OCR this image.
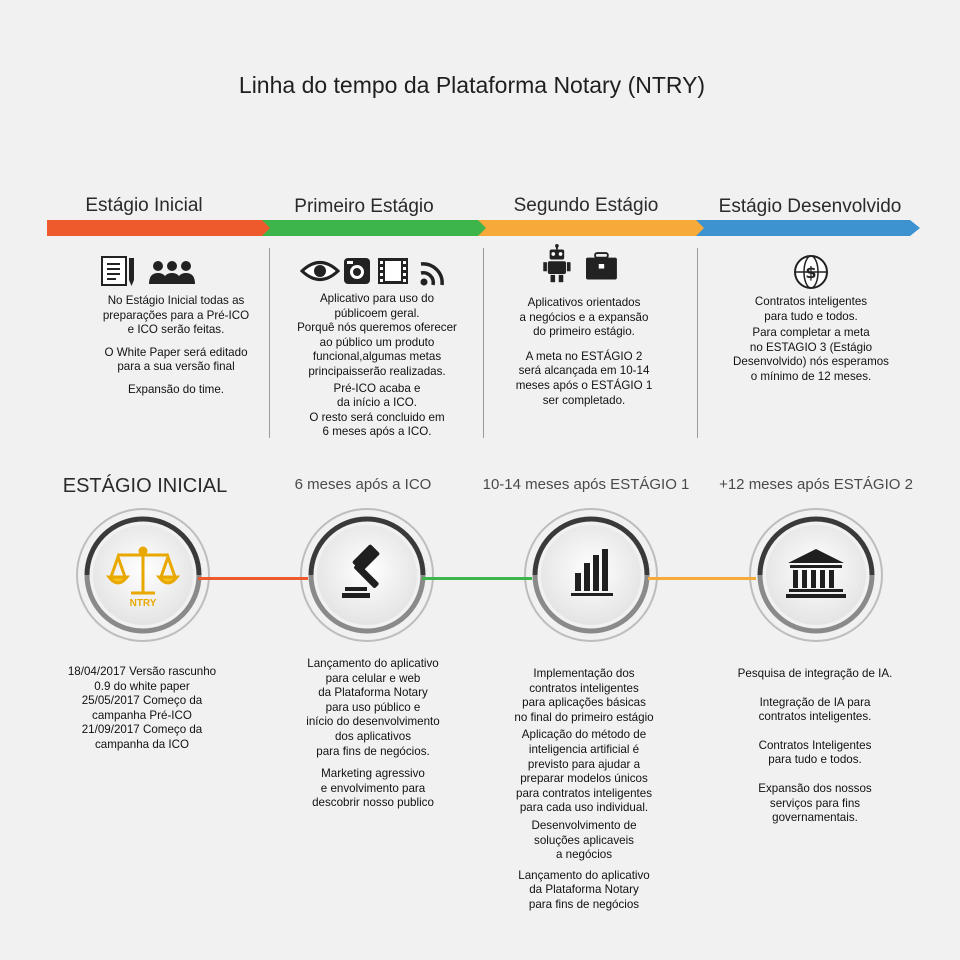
Linha do tempo da Plataforma Notary (NTRY)
Estágio Inicial	Primeiro Estágio	Segundo Estágio	Estágio Desenvolvido
$

No Estágio Inicial todas as
preparações para a Pré-ICO
e ICO serão feitas.

O White Paper será editado
para a sua versão final

Expansão do time.

Aplicativo para uso do
públicoem geral.
Porquê nós queremos oferecer
ao público um produto
funcional,algumas metas
principaisserão realizadas.

Pré-ICO acaba e
da início a ICO.
O resto será concluido em
6 meses após a ICO.

Aplicativos orientados
a negócios e a expansão
do primeiro estágio.

A meta no ESTÁGIO 2
será alcançada em 10-14
meses após o ESTÁGIO 1
ser completado.

Contratos inteligentes
para tudo e todos.

Para completar a meta
no ESTAGIO 3 (Estágio
Desenvolvido) nós esperamos
o mínimo de 12 meses.

ESTÁGIO INICIAL	6 meses após a ICO	10-14 meses após ESTÁGIO 1	+12 meses após ESTÁGIO 2
NTRY

18/04/2017 Versão rascunho
0.9 do white paper
25/05/2017 Começo da
campanha Pré-ICO
21/09/2017 Começo da
campanha da ICO

Lançamento do aplicativo
para celular e web
da Plataforma Notary
para uso público e
início do desenvolvimento
dos aplicativos
para fins de negócios.

Marketing agressivo
e envolvimento para
descobrir nosso publico

Implementação dos
contratos inteligentes
para aplicações básicas
no final do primeiro estágio

Aplicação do método de
inteligencia artificial é
previsto para ajudar a
preparar modelos únicos
para contratos inteligentes
para cada uso individual.

Desenvolvimento de
soluções aplicaveis
a negócios

Lançamento do aplicativo
da Plataforma Notary
para fins de negócios

Pesquisa de integração de IA.

Integração de IA para
contratos inteligentes.

Contratos Inteligentes
para tudo e todos.

Expansão dos nossos
serviços para fins
governamentais.
